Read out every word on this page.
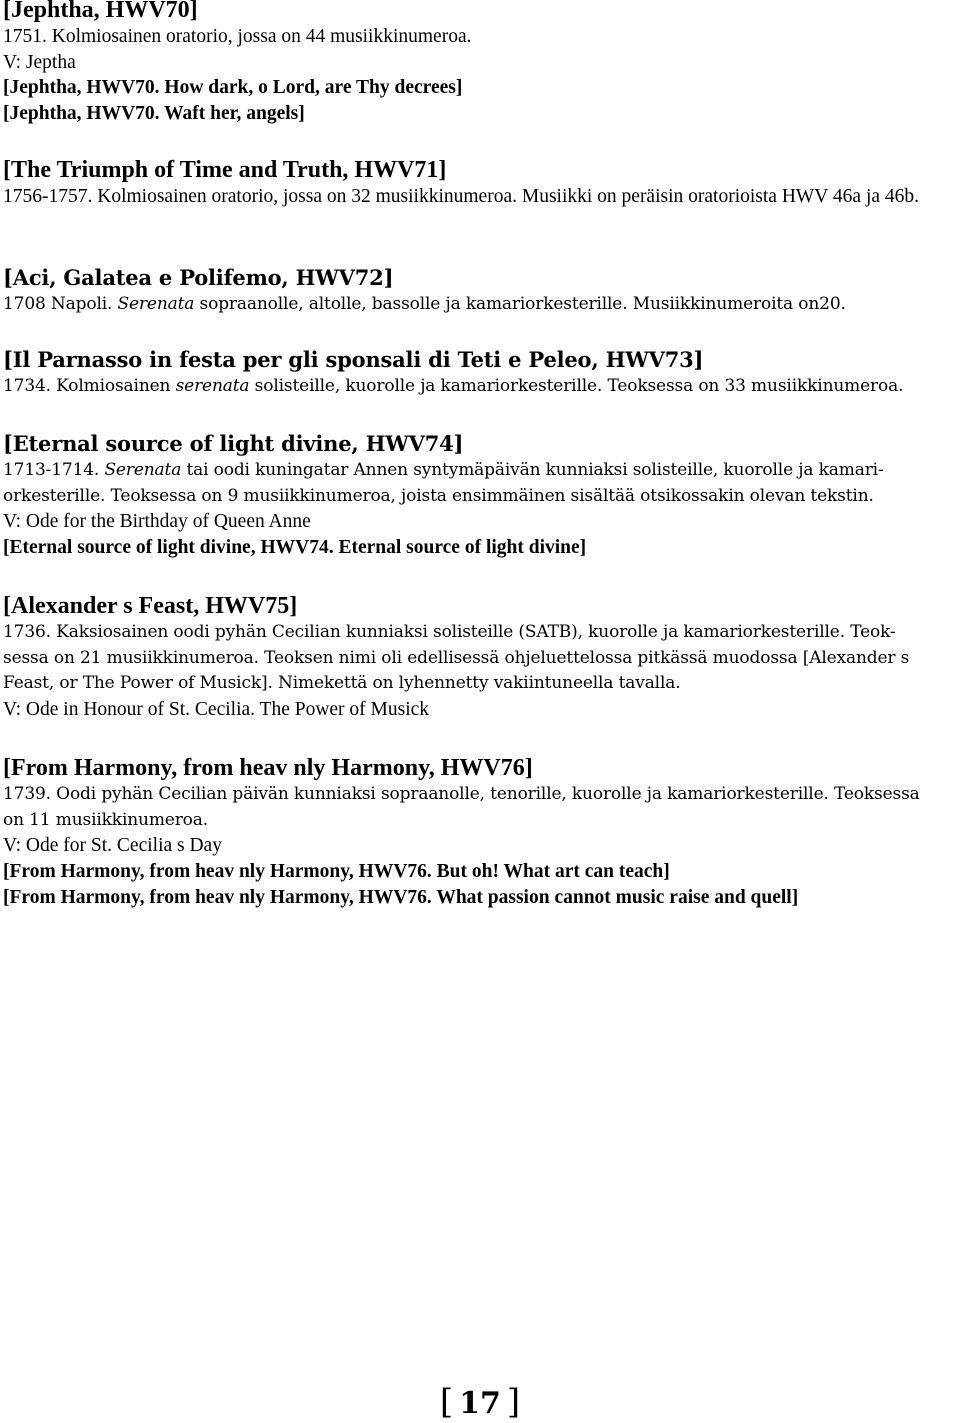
[Jephtha, HWV70]
1751. Kolmiosainen oratorio, jossa on 44 musiikkinumeroa.
V: Jeptha
[Jephtha, HWV70. How dark, o Lord, are Thy decrees]
[Jephtha, HWV70. Waft her, angels]
[The Triumph of Time and Truth, HWV71]
1756-1757. Kolmiosainen oratorio, jossa on 32 musiikkinumeroa. Musiikki on peräisin oratorioista HWV 46a ja 46b.
[Aci, Galatea e Polifemo, HWV72]
1708 Napoli. Serenata sopraanolle, altolle, bassolle ja kamariorkesterille. Musiikkinumeroita on20.
[Il Parnasso in festa per gli sponsali di Teti e Peleo, HWV73]
1734. Kolmiosainen serenata solisteille, kuorolle ja kamariorkesterille. Teoksessa on 33 musiikkinumeroa.
[Eternal source of light divine, HWV74]
1713-1714. Serenata tai oodi kuningatar Annen syntymäpäivän kunniaksi solisteille, kuorolle ja kamari-
orkesterille. Teoksessa on 9 musiikkinumeroa, joista ensimmäinen sisältää otsikossakin olevan tekstin.
V: Ode for the Birthday of Queen Anne
[Eternal source of light divine, HWV74. Eternal source of light divine]
[Alexander s Feast, HWV75]
1736. Kaksiosainen oodi pyhän Cecilian kunniaksi solisteille (SATB), kuorolle ja kamariorkesterille. Teok-
sessa on 21 musiikkinumeroa. Teoksen nimi oli edellisessä ohjeluettelossa pitkässä muodossa [Alexander s
Feast, or The Power of Musick]. Nimekettä on lyhennetty vakiintuneella tavalla.
V: Ode in Honour of St. Cecilia. The Power of Musick
[From Harmony, from heav nly Harmony, HWV76]
1739. Oodi pyhän Cecilian päivän kunniaksi sopraanolle, tenorille, kuorolle ja kamariorkesterille. Teoksessa
on 11 musiikkinumeroa.
V: Ode for St. Cecilia s Day
[From Harmony, from heav nly Harmony, HWV76. But oh! What art can teach]
[From Harmony, from heav nly Harmony, HWV76. What passion cannot music raise and quell]
[ 17 ]
